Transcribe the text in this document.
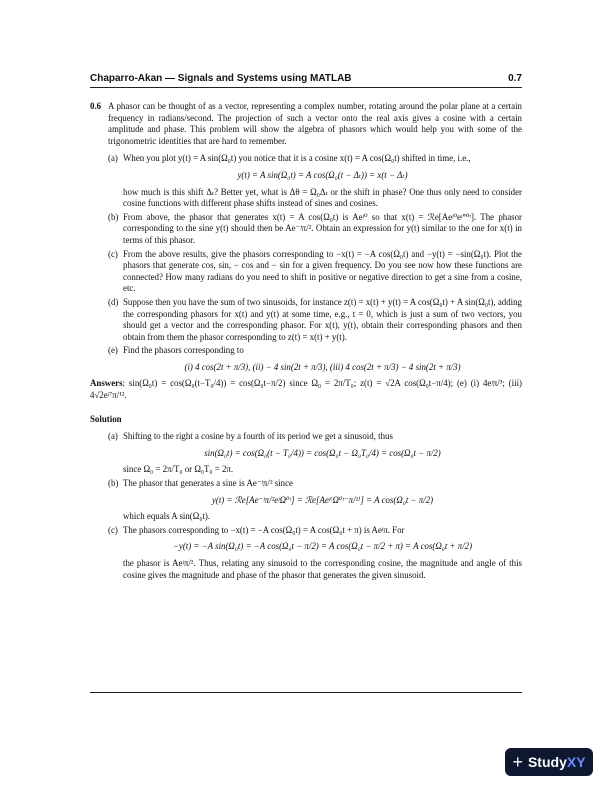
Chaparro-Akan — Signals and Systems using MATLAB	0.7
0.6 A phasor can be thought of as a vector, representing a complex number, rotating around the polar plane at a certain frequency in radians/second. The projection of such a vector onto the real axis gives a cosine with a certain amplitude and phase. This problem will show the algebra of phasors which would help you with some of the trigonometric identities that are hard to remember.
(a) When you plot y(t) = A sin(Ω₀t) you notice that it is a cosine x(t) = A cos(Ω₀t) shifted in time, i.e.,
y(t) = A sin(Ω₀t) = A cos(Ω₀(t − Δₜ)) = x(t − Δₜ)
how much is this shift Δₜ? Better yet, what is Δθ = Ω₀Δₜ or the shift in phase? One thus only need to consider cosine functions with different phase shifts instead of sines and cosines.
(b) From above, the phasor that generates x(t) = A cos(Ω₀t) is Aeʲ⁰ so that x(t) = ℛe[Aeʲ⁰eʲᐤ⁰ᵗ]. The phasor corresponding to the sine y(t) should then be Ae⁻ʲπ/². Obtain an expression for y(t) similar to the one for x(t) in terms of this phasor.
(c) From the above results, give the phasors corresponding to −x(t) = −A cos(Ω₀t) and −y(t) = −sin(Ω₀t). Plot the phasors that generate cos, sin, − cos and − sin for a given frequency. Do you see now how these functions are connected? How many radians do you need to shift in positive or negative direction to get a sine from a cosine, etc.
(d) Suppose then you have the sum of two sinusoids, for instance z(t) = x(t) + y(t) = A cos(Ω₀t) + A sin(Ω₀t), adding the corresponding phasors for x(t) and y(t) at some time, e.g., t = 0, which is just a sum of two vectors, you should get a vector and the corresponding phasor. For x(t), y(t), obtain their corresponding phasors and then obtain from them the phasor corresponding to z(t) = x(t) + y(t).
(e) Find the phasors corresponding to
(i) 4 cos(2t + π/3), (ii) − 4 sin(2t + π/3), (iii) 4 cos(2t + π/3) − 4 sin(2t + π/3)
Answers: sin(Ω₀t) = cos(Ω₀(t−T₀/4)) = cos(Ω₀t−π/2) since Ω₀ = 2π/T₀; z(t) = √2A cos(Ω₀t−π/4); (e) (i) 4eʲπ/³; (iii) 4√2eʲ⁷π/¹².
Solution
(a) Shifting to the right a cosine by a fourth of its period we get a sinusoid, thus
sin(Ω₀t) = cos(Ω₀(t − T₀/4)) = cos(Ω₀t − Ω₀T₀/4) = cos(Ω₀t − π/2)
since Ω₀ = 2π/T₀ or Ω₀T₀ = 2π.
(b) The phasor that generates a sine is Ae⁻ʲπ/² since
y(t) = ℛe[Ae⁻ʲπ/²eʲΩ⁰ᵗ] = ℛe[Aeʲ⁽Ω⁰ᵗ⁻π/²⁾] = A cos(Ω₀t − π/2)
which equals A sin(Ω₀t).
(c) The phasors corresponding to −x(t) = −A cos(Ω₀t) = A cos(Ω₀t + π) is Aeʲπ. For
−y(t) = −A sin(Ω₀t) = −A cos(Ω₀t − π/2) = A cos(Ω₀t − π/2 + π) = A cos(Ω₀t + π/2)
the phasor is Aeʲπ/². Thus, relating any sinusoid to the corresponding cosine, the magnitude and angle of this cosine gives the magnitude and phase of the phasor that generates the given sinusoid.
+ Study XY
